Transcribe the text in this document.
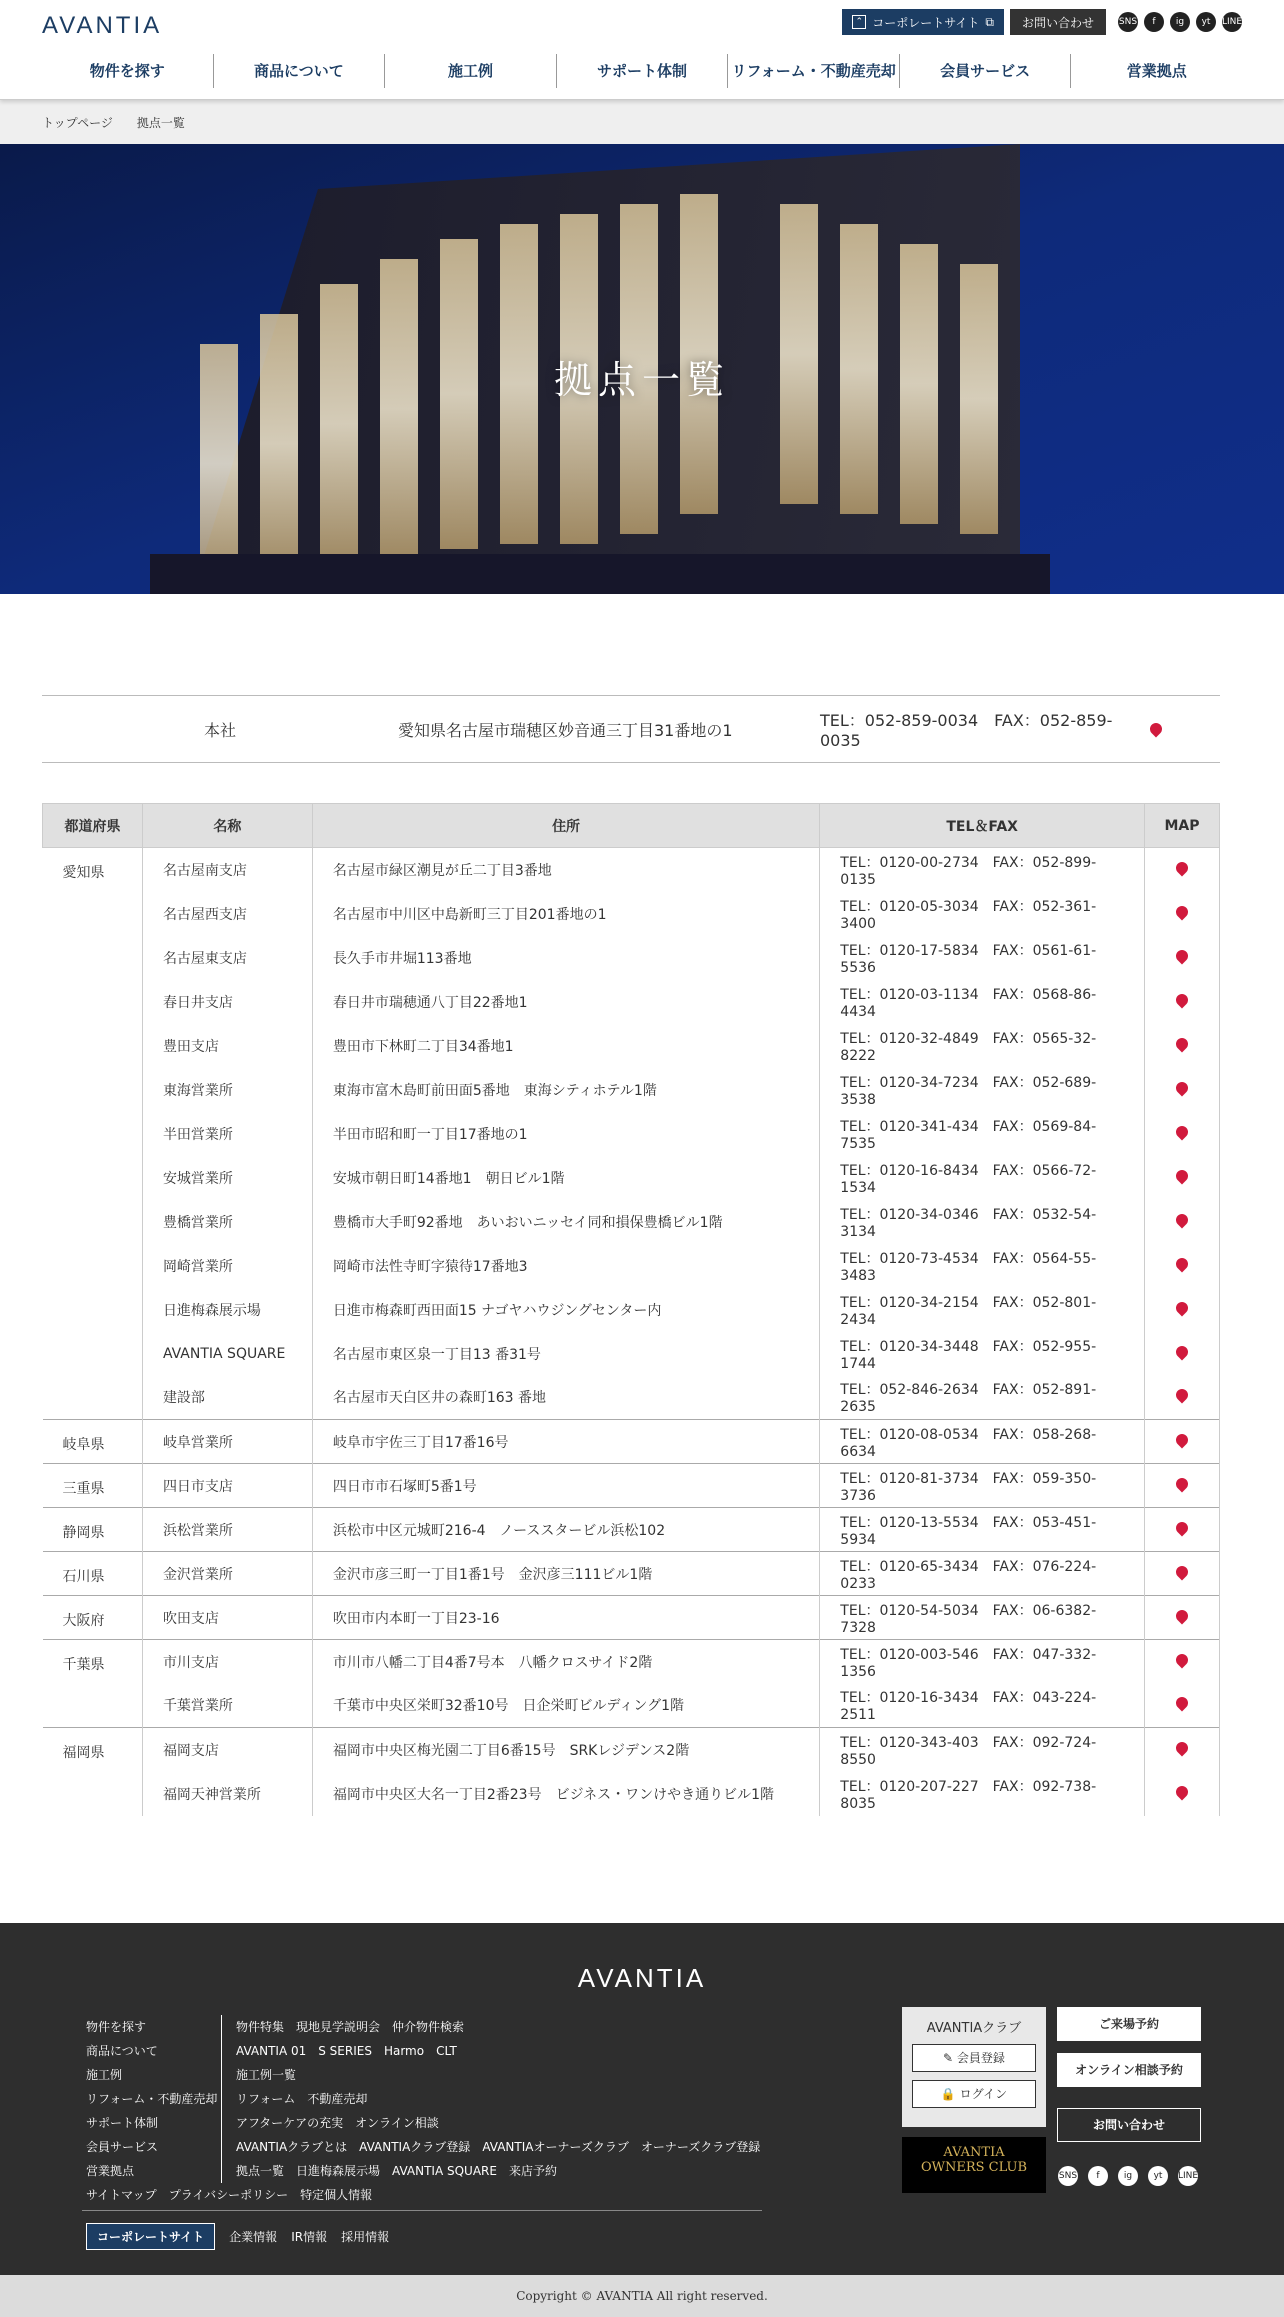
AVANTIA	⌃ コーポレートサイト ⧉	お問い合わせ	SNS	f	ig	yt	LINE
物件を探す	商品について	施工例	サポート体制	リフォーム・不動産売却	会員サービス	営業拠点
トップページ 拠点一覧
拠点一覧
本社	愛知県名古屋市瑞穂区妙音通三丁目31番地の1	TEL：052-859-0034　FAX：052-859-0035
都道府県	名称	住所	TEL＆FAX	MAP
愛知県	名古屋南支店	名古屋市緑区潮見が丘二丁目3番地	TEL：0120-00-2734　FAX：052-899-0135	
	名古屋西支店	名古屋市中川区中島新町三丁目201番地の1	TEL：0120-05-3034　FAX：052-361-3400	
	名古屋東支店	長久手市井堀113番地	TEL：0120-17-5834　FAX：0561-61-5536	
	春日井支店	春日井市瑞穂通八丁目22番地1	TEL：0120-03-1134　FAX：0568-86-4434	
	豊田支店	豊田市下林町二丁目34番地1	TEL：0120-32-4849　FAX：0565-32-8222	
	東海営業所	東海市富木島町前田面5番地　東海シティホテル1階	TEL：0120-34-7234　FAX：052-689-3538	
	半田営業所	半田市昭和町一丁目17番地の1	TEL：0120-341-434　FAX：0569-84-7535	
	安城営業所	安城市朝日町14番地1　朝日ビル1階	TEL：0120-16-8434　FAX：0566-72-1534	
	豊橋営業所	豊橋市大手町92番地　あいおいニッセイ同和損保豊橋ビル1階	TEL：0120-34-0346　FAX：0532-54-3134	
	岡崎営業所	岡崎市法性寺町字猿待17番地3	TEL：0120-73-4534　FAX：0564-55-3483	
	日進梅森展示場	日進市梅森町西田面15 ナゴヤハウジングセンター内	TEL：0120-34-2154　FAX：052-801-2434	
	AVANTIA SQUARE	名古屋市東区泉一丁目13 番31号	TEL：0120-34-3448　FAX：052-955-1744	
	建設部	名古屋市天白区井の森町163 番地	TEL：052-846-2634　FAX：052-891-2635	
岐阜県	岐阜営業所	岐阜市宇佐三丁目17番16号	TEL：0120-08-0534　FAX：058-268-6634	
三重県	四日市支店	四日市市石塚町5番1号	TEL：0120-81-3734　FAX：059-350-3736	
静岡県	浜松営業所	浜松市中区元城町216-4　ノーススタービル浜松102	TEL：0120-13-5534　FAX：053-451-5934	
石川県	金沢営業所	金沢市彦三町一丁目1番1号　金沢彦三111ビル1階	TEL：0120-65-3434　FAX：076-224-0233	
大阪府	吹田支店	吹田市内本町一丁目23-16	TEL：0120-54-5034　FAX：06-6382-7328	
千葉県	市川支店	市川市八幡二丁目4番7号本　八幡クロスサイド2階	TEL：0120-003-546　FAX：047-332-1356	
	千葉営業所	千葉市中央区栄町32番10号　日企栄町ビルディング1階	TEL：0120-16-3434　FAX：043-224-2511	
福岡県	福岡支店	福岡市中央区梅光園二丁目6番15号　SRKレジデンス2階	TEL：0120-343-403　FAX：092-724-8550	
	福岡天神営業所	福岡市中央区大名一丁目2番23号　ビジネス・ワンけやき通りビル1階	TEL：0120-207-227　FAX：092-738-8035	
AVANTIA
物件を探す	物件特集 現地見学説明会 仲介物件検索
商品について	AVANTIA 01 S SERIES Harmo CLT
施工例	施工例一覧
リフォーム・不動産売却	リフォーム 不動産売却
サポート体制	アフターケアの充実 オンライン相談
会員サービス	AVANTIAクラブとは AVANTIAクラブ登録 AVANTIAオーナーズクラブ オーナーズクラブ登録
営業拠点	拠点一覧 日進梅森展示場 AVANTIA SQUARE 来店予約
サイトマップ プライバシーポリシー 特定個人情報
コーポレートサイト	企業情報 IR情報 採用情報
AVANTIAクラブ
✎ 会員登録
🔒 ログイン
AVANTIA
OWNERS CLUB
ご来場予約
オンライン相談予約
お問い合わせ
SNS	f	ig	yt	LINE
Copyright © AVANTIA All right reserved.
